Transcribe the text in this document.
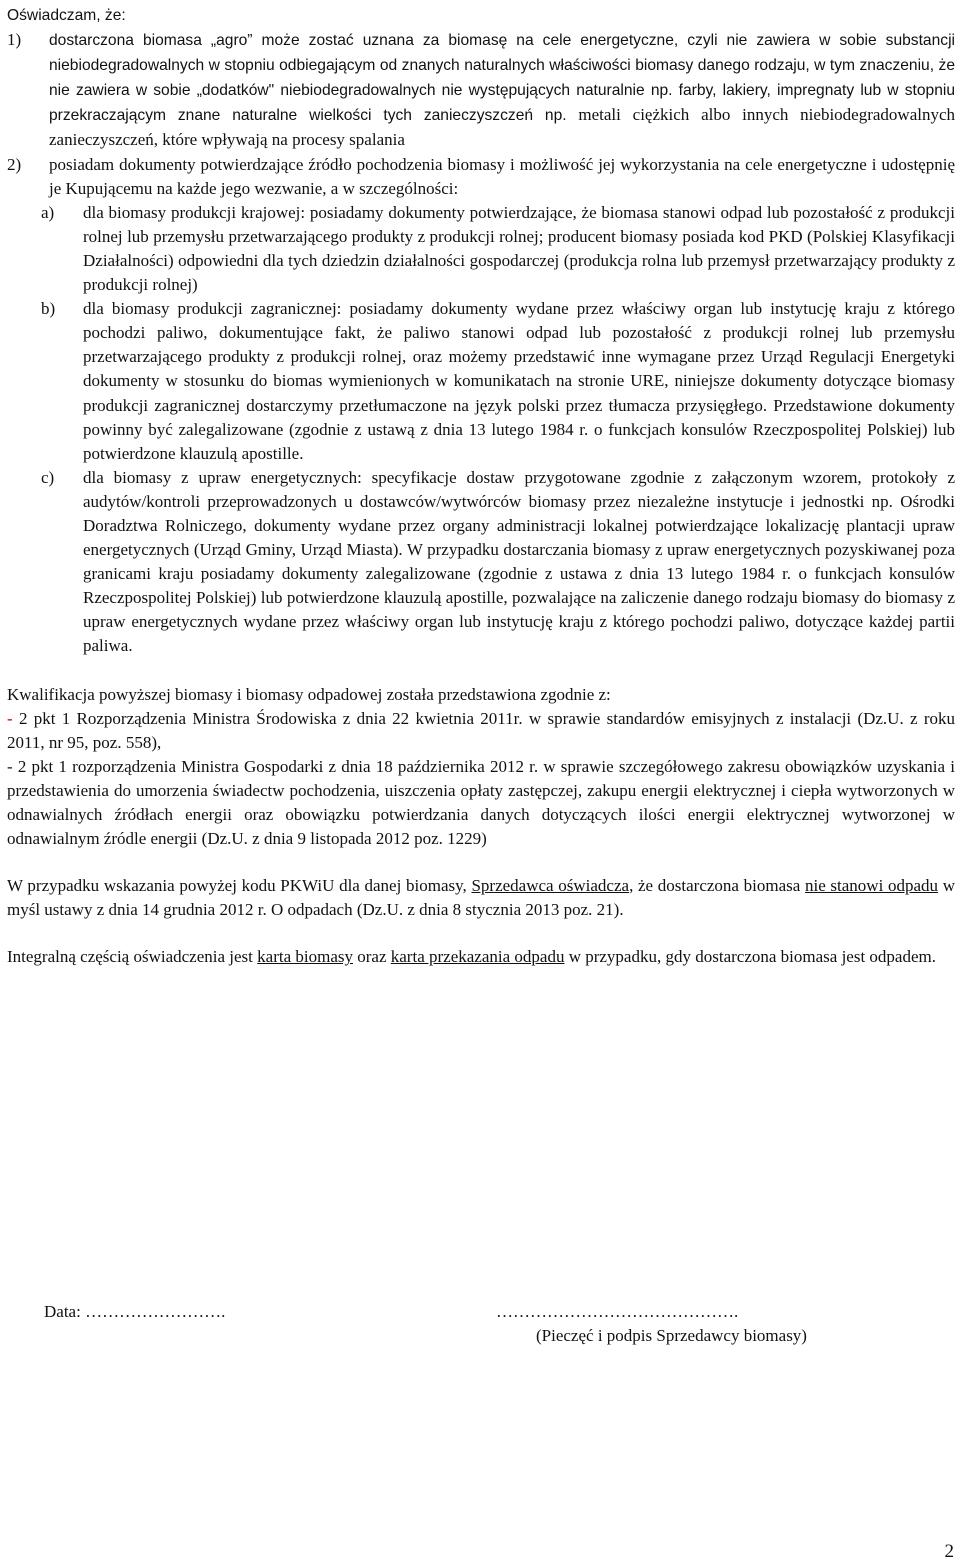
Oświadczam, że:
1) dostarczona biomasa „agro” może zostać uznana za biomasę na cele energetyczne, czyli nie zawiera w sobie substancji niebiodegradowalnych w stopniu odbiegającym od znanych naturalnych właściwości biomasy danego rodzaju, w tym znaczeniu, że nie zawiera w sobie „dodatków" niebiodegradowalnych nie występujących naturalnie np. farby, lakiery, impregnaty lub w stopniu przekraczającym znane naturalne wielkości tych zanieczyszczeń np. metali ciężkich albo innych niebiodegradowalnych zanieczyszczeń, które wpływają na procesy spalania
2) posiadam dokumenty potwierdzające źródło pochodzenia biomasy i możliwość jej wykorzystania na cele energetyczne i udostępnię je Kupującemu na każde jego wezwanie, a w szczególności:
a) dla biomasy produkcji krajowej: posiadamy dokumenty potwierdzające, że biomasa stanowi odpad lub pozostałość z produkcji rolnej lub przemysłu przetwarzającego produkty z produkcji rolnej; producent biomasy posiada kod PKD (Polskiej Klasyfikacji Działalności) odpowiedni dla tych dziedzin działalności gospodarczej (produkcja rolna lub przemysł przetwarzający produkty z produkcji rolnej)
b) dla biomasy produkcji zagranicznej: posiadamy dokumenty wydane przez właściwy organ lub instytucję kraju z którego pochodzi paliwo, dokumentujące fakt, że paliwo stanowi odpad lub pozostałość z produkcji rolnej lub przemysłu przetwarzającego produkty z produkcji rolnej, oraz możemy przedstawić inne wymagane przez Urząd Regulacji Energetyki dokumenty w stosunku do biomas wymienionych w komunikatach na stronie URE, niniejsze dokumenty dotyczące biomasy produkcji zagranicznej dostarczymy przetłumaczone na język polski przez tłumacza przysięgłego. Przedstawione dokumenty powinny być zalegalizowane (zgodnie z ustawą z dnia 13 lutego 1984 r. o funkcjach konsulów Rzeczpospolitej Polskiej) lub potwierdzone klauzulą apostille.
c) dla biomasy z upraw energetycznych: specyfikacje dostaw przygotowane zgodnie z załączonym wzorem, protokoły z audytów/kontroli przeprowadzonych u dostawców/wytwórców biomasy przez niezależne instytucje i jednostki np. Ośrodki Doradztwa Rolniczego, dokumenty wydane przez organy administracji lokalnej potwierdzające lokalizację plantacji upraw energetycznych (Urząd Gminy, Urząd Miasta). W przypadku dostarczania biomasy z upraw energetycznych pozyskiwanej poza granicami kraju posiadamy dokumenty zalegalizowane (zgodnie z ustawa z dnia 13 lutego 1984 r. o funkcjach konsulów Rzeczpospolitej Polskiej) lub potwierdzone klauzulą apostille, pozwalające na zaliczenie danego rodzaju biomasy do biomasy z upraw energetycznych wydane przez właściwy organ lub instytucję kraju z którego pochodzi paliwo, dotyczące każdej partii paliwa.

Kwalifikacja powyższej biomasy i biomasy odpadowej została przedstawiona zgodnie z:

- 2 pkt 1 Rozporządzenia Ministra Środowiska z dnia 22 kwietnia 2011r. w sprawie standardów emisyjnych z instalacji (Dz.U. z roku 2011, nr 95, poz. 558),

- 2 pkt 1 rozporządzenia Ministra Gospodarki z dnia 18 października 2012 r. w sprawie szczegółowego zakresu obowiązków uzyskania i przedstawienia do umorzenia świadectw pochodzenia, uiszczenia opłaty zastępczej, zakupu energii elektrycznej i ciepła wytworzonych w odnawialnych źródłach energii oraz obowiązku potwierdzania danych dotyczących ilości energii elektrycznej wytworzonej w odnawialnym źródle energii (Dz.U. z dnia 9 listopada 2012 poz. 1229)

W przypadku wskazania powyżej kodu PKWiU dla danej biomasy, Sprzedawca oświadcza, że dostarczona biomasa nie stanowi odpadu w myśl ustawy z dnia 14 grudnia 2012 r. O odpadach (Dz.U. z dnia 8 stycznia 2013 poz. 21).

Integralną częścią oświadczenia jest karta biomasy oraz karta przekazania odpadu w przypadku, gdy dostarczona biomasa jest odpadem.

Data: …………………….	…………………………………….
(Pieczęć i podpis Sprzedawcy biomasy)
2
